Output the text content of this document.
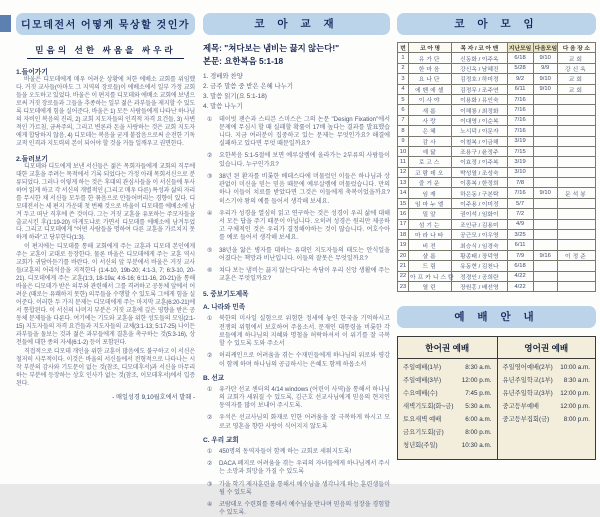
디모데전서 어떻게 묵상할 것인가
믿음의 선한 싸움을 싸우라
1.들어가기

바울은 디모데에게 매우 어려운 상황에 처한 에베소 교회를 위임했다. 거짓 교사들(아마도 그 지역의 장로들)이 에베소에서 일부 가정 교회들을 오도하고 있었다. 바울은 이 편지를 디모데와 에베소 교회에 보냄으로써 거짓 장로들과 그들을 추종하는 일부 젊은 과부들을 제지할 수 있도록 디모데에게 힘을 실어준다. 바울은 1) 모든 사람들에게 나타난 하나님의 자비인 복음의 진리, 2) 교회 지도자들의 인격적 자격 요건들, 3) 사변적인 가르침, 금욕주의, 그리고 변론과 돈을 사랑하는 것은 교회 지도자에게 합당하지 않음, 4) 디모데는 복음을 굳게 붙잡음으로써 순전한 기독교적 인격과 지도력의 본이 되어야 할 것을 거듭 일깨우고 권면한다.

2.둘러보기

디모데와 디도에게 보낸 서신들은 젊은 목회자들에게 교회의 직무에 대한 교훈을 주려는 목적에서 기록 되었다는 가정 아래 목회서신으로 분류되었다. 그러나 이렇게 하는 것은 후대의 관심사들을 이 서신들에 투사하여 읽게 하고 각 서신의 개별적인 (그리고 매우 다른) 특성과 삶의 자리를 무시한 채 서신들 모두를 한 묶음으로 만들어버리는 경향이 있다. 디모데전서는 세 편지 가운데 첫 번째 것으로 바울이 디모데를 에베소에 남겨 두고 떠난 직후에 쓴 것이다. 그는 거짓 교훈을 유포하는 주모자들을 출교시킨 후(1:19-20) 마게도냐로 가면서 디모데를 에베소에 남겨두었다. 그리고 디모데에게 "어떤 사람들을 명하여 다른 교훈을 가르치지 못하게 하라"고 당부한다(1:3).

이 편지에는 디모데를 통해 교회에게 주는 교훈과 디모데 본인에게 주는 교훈이 교대로 등장한다. 물론 바울은 디모데에게 주는 교훈 역시 교회가 귀담아듣기를 바란다. 이 서신의 앞 부분에서 바울은 거짓 교사들/교훈의 어리석음을 지적한다 (1:4-10, 19b-20; 4:1-3, 7; 6:3-10, 20-21). 디모데에게 주는 교훈(1:3, 18-19a; 4:6-16; 6:11-16, 20-21)을 통해 바울은 디모데가 받은 의무와 관련해서 그를 격려하고 공동체 앞에서 어려운 (때로는 유쾌하지 못한) 의무들을 수행할 수 있도록 그에게 힘을 실어준다. 이러한 두 가지 문제는 디모데에게 주는 마지막 교훈(6:20-21)에서 통합된다. 이 서신의 나머지 부분은 거짓 교훈에 깊은 영향을 받은 공동체 문제들을 다룬다. 여기에는 기도와 교훈을 위한 성도들의 모임(2:1-15) 지도자들의 자격 요건들과 지도자들의 교체(3:1-13; 5:17-25) 나이든 과부들을 돌보는 것과 젊은 과부들에게 결혼을 촉구하는 것(5:3-16), 상전들에 대한 종의 자세(6:1-2) 등이 포함된다.

직접적으로 디모데 개인을 위한 교훈이 많음에도 불구하고 이 서신은 철저히 사무적이다. 이것은 바울의 서신들에서 전형적으로 나타나는 시작 부분의 감사와 기도문이 없는 것(참조, 디모데후서)과 서신을 마무리하는 부분에 등장하는 상호 인사가 없는 것(참조, 이모데후서)에서 입증된다.

- 매일성경 9,10월호에서 발췌 -
코 아 교 재
제목: "쳐다보는 냄비는 끓지 않는다!"
본문: 요한복음 5:1-18
1. 경배와 찬양
2. 금주 말씀 중 받은 은혜 나누기
3. 말씀 읽기(요 5:1-18)
4. 말씀 나누기
①	데이빗 잰슨과 스티븐 스미스은 그의 논문 "Design Fixation"에서 문제에 무심시 할 때 실패할 확률이 17배 높다는 결과를 발표했습니다. 지금 여러분이 집중하고 있는 문제는 무엇인가요? 해결에 실패하고 있다면 무엇 때문일까요?
②	요한복음 5:1-5절에 보면 예루살렘에 올라가는 2부류의 사람들이 있습니다. 누구인가요?
③	38년 된 환자를 비롯한 베데스다에 머물렀던 이들은 하나님과 상관없이 미신을 믿는 믿음 때문에 예루살렘에 머물렀습니다. 만의 하나 이들이 치료를 받았다면 그것은 이들에게 축복이었을까요? 히스기야 왕의 예를 들어서 생각해 보세요.
④	우리가 성경을 열심히 읽고 연구하는 것은 성경이 우리 삶에 대해서 모든 답을 주기 때문이 아닙니다. 오히려 성경은 원리만 제공하고 구체적인 것은 우리가 결정해야하는 것이 많습니다. 여호수아를 예로 들어서 생각해 보세요.
⑤	38년을 앓은 병자를 대하는 유대인 지도자들의 태도는 안식일을 어겼다는 책망과 비난입니다. 이들의 잘못은 무엇일까요?
⑥	쳐다 보는 냄비는 끓지 않는다"라는 속담이 우리 신앙 생활에 주는 교훈은 무엇일까요?
5. 중보기도제목
A. 나라와 민족
①	북한의 미사일 실험으로 위험한 정세에 놓인 한국을 기억하시고 전쟁의 위험에서 보호하여 주옵소서. 문재인 대통령을 비롯한 각료들에게 하나님의 지혜와 명철을 허락하셔서 이 위기를 잘 극복할 수 있도록 도와 주소서
②	허리케인으로 어려움을 겪는 수재민들에게 하나님의 위로와 평강이 함께 하며 하나님의 공급하시는 은혜도 함께 하옵소서
B. 선교
①	유카탄 선교 센터의 4/14 windows (어린이 사역)을 통해서 하나님의 교회가 세워질 수 있도록, 김근호 선교사님에게 믿음의 현지인 동역자를 많이 보내어 주시도록.
②	우석은 선교사님의 화재로 인한 어려움을 잘 극복하게 하시고 모로코 영혼을 향한 사랑이 식어지지 않도록
C. 우리 교회
①	450명의 동역자들이 함께 하는 교회로 세워지도록!
②	DACA 폐지로 어려움을 겪는 우리의 자녀들에게 하나님께서 주시는 소망과 희망을 가질 수 있도록
③	가을 학기 제자훈련을 통해서 예수님을 생각나게 하는 훈련생들이 될 수 있도록
④	코람데오 수련회를 통해서 예수님을 만나며 믿음의 성장을 경험할 수 있도록.
코 아 모 임
번	코 아 명	목 자 / 코 아 맨	지난모임	다음모임	다 음 장 소
1	유가단	신동화 / 이주옥	6/18	9/10	교회
2	한마음	강신옥 / 남혜진	5/28	9/9	강신옥
3	요나단	김정호 / 하미정	9/2	9/10	교회
4	에벤에셀	김정무 / 조주연	6/11	9/10	교회
5	이사야	이용화 / 유인숙	7/16		
6	새롬	이해룡 / 최정화	7/16		
7	사랑	이대영 / 이순복	7/16		
8	은혜	노시덕 / 이문자	7/16		
9	감사	이철복 / 이금해	3/19		
10	예닮	조용구 / 윤정주	7/15		
11	로고스	이효정 / 이주복	3/19		
12	코람데오	박성열 / 조성숙	3/10		
13	즐거운	이흥복 / 한정희	7/8		
14	임재	하은동 / 구본탁	7/16	9/10	문석봉
15	임마누엘	이주용 / 이미정	5/7		
16	밀알	권이석 / 임화이	7/2		
17	섬기는	조인규 / 김용미	4/9		
18	마라나타	공근모 / 이우영	3/25		
19	비전	최승식 / 임경숙	6/11		
20	샬롬	황종태 / 장덕영	7/9	9/16	이정준
21	드림	유동현 / 김천나	6/18		
22	아프카니스탄	정경인 / 공희란	4/22		
23	열린	장원홍 / 배선영	4/22		
예 배 안 내
한어권 예배
주일예배(1부)	8:30 a.m.
주일예배(3부)	12:00 p.m.
수요예배(수)	7:45 p.m.
새벽기도회(화~금) 5:30 a.m.
토요새벽 예배	6:00 a.m.
금요기도회(금)	8:00 p.m.
청년회(주일)	10:30 a.m.
영어권 예배
주일영어예배(2부) 10:00 a.m.
유년주일학교(1부) 8:30 a.m.
유년주일학교(3부) 12:00 p.m.
중고등부예배	12:00 p.m.
중고등부집회(금) 8:00 p.m.
